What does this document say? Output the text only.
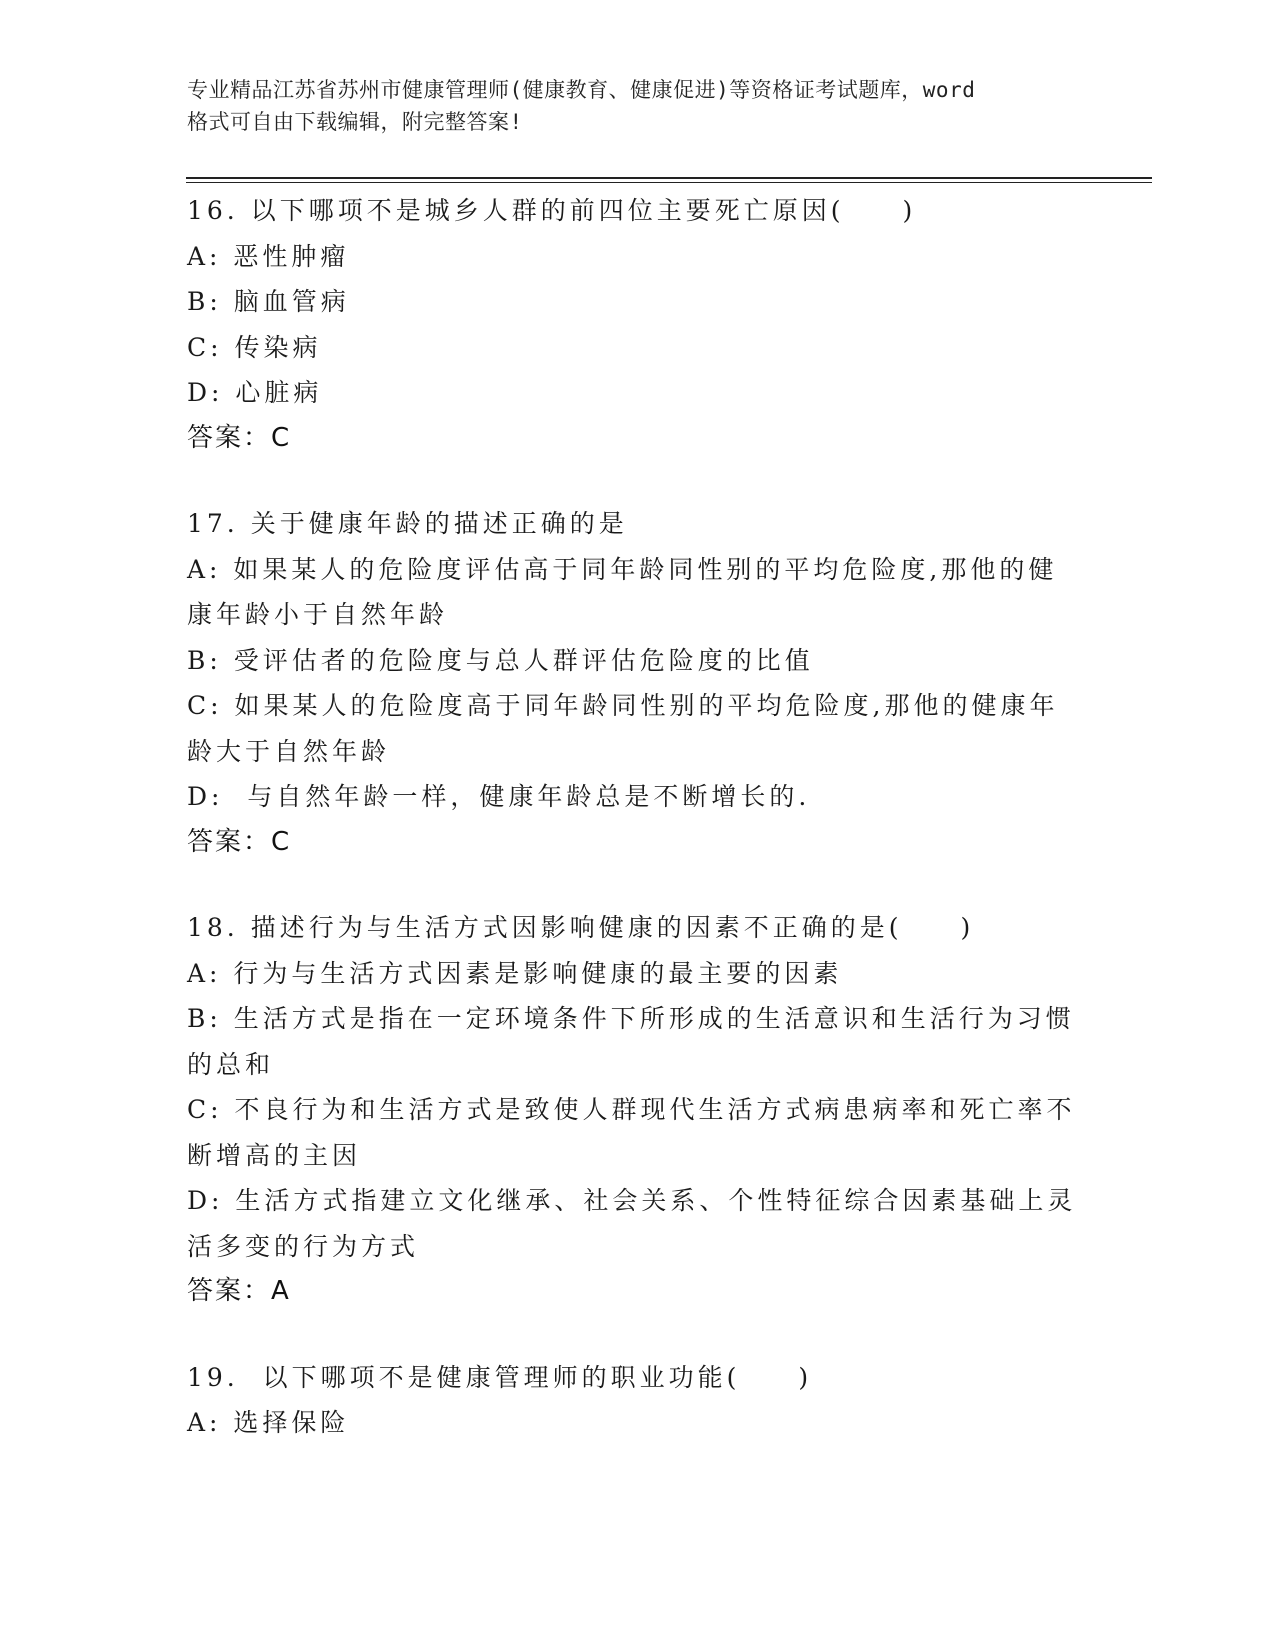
专业精品江苏省苏州市健康管理师(健康教育、健康促进)等资格证考试题库，word
格式可自由下载编辑，附完整答案!

16. 以下哪项不是城乡人群的前四位主要死亡原因(　　)

A: 恶性肿瘤

B: 脑血管病

C: 传染病

D: 心脏病

答案：C

17. 关于健康年龄的描述正确的是

A: 如果某人的危险度评估高于同年龄同性别的平均危险度,那他的健

康年龄小于自然年龄

B: 受评估者的危险度与总人群评估危险度的比值

C: 如果某人的危险度高于同年龄同性别的平均危险度,那他的健康年

龄大于自然年龄

D:  与自然年龄一样，健康年龄总是不断增长的.

答案：C

18. 描述行为与生活方式因影响健康的因素不正确的是(　　)

A: 行为与生活方式因素是影响健康的最主要的因素

B: 生活方式是指在一定环境条件下所形成的生活意识和生活行为习惯

的总和

C: 不良行为和生活方式是致使人群现代生活方式病患病率和死亡率不

断增高的主因

D: 生活方式指建立文化继承、社会关系、个性特征综合因素基础上灵

活多变的行为方式

答案：A

19.  以下哪项不是健康管理师的职业功能(　　)

A: 选择保险
